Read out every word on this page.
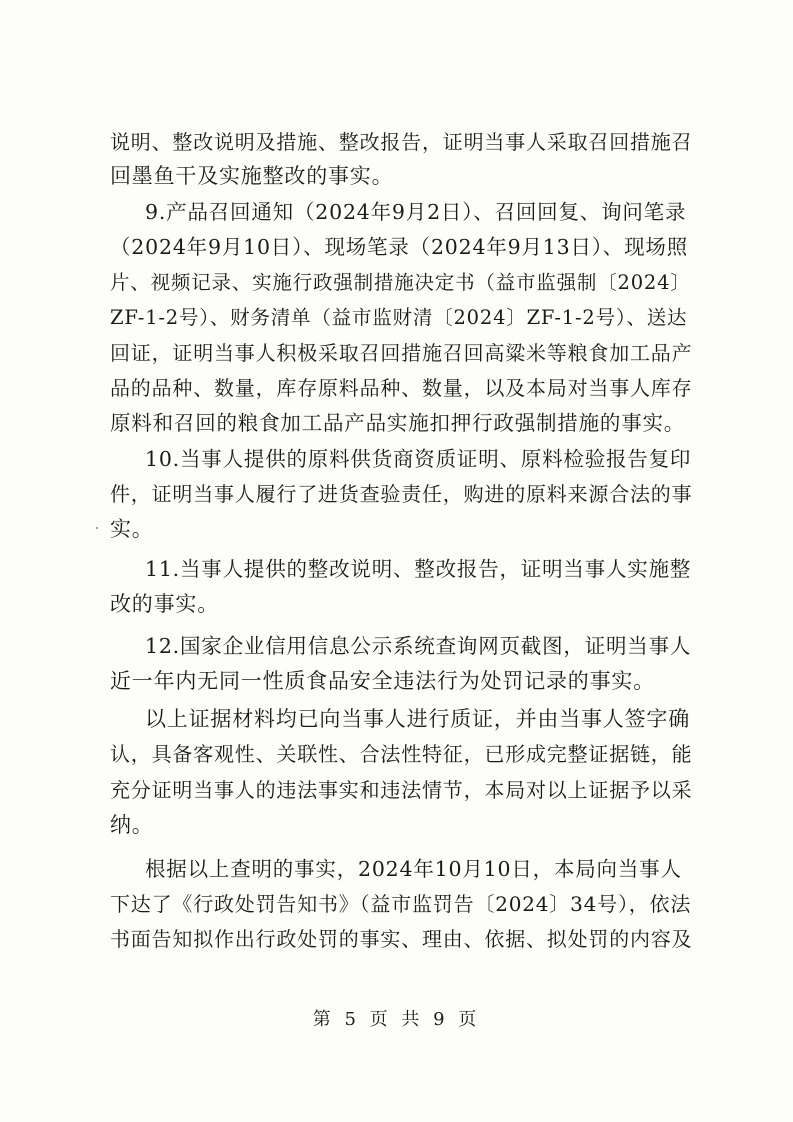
说明、整改说明及措施、整改报告，证明当事人采取召回措施召
回墨鱼干及实施整改的事实。
9.产品召回通知（2024年9月2日）、召回回复、询问笔录
（2024年9月10日）、现场笔录（2024年9月13日）、现场照
片、视频记录、实施行政强制措施决定书（益市监强制〔2024〕
ZF-1-2号）、财务清单（益市监财清〔2024〕ZF-1-2号）、送达
回证，证明当事人积极采取召回措施召回高粱米等粮食加工品产
品的品种、数量，库存原料品种、数量，以及本局对当事人库存
原料和召回的粮食加工品产品实施扣押行政强制措施的事实。
10.当事人提供的原料供货商资质证明、原料检验报告复印
件，证明当事人履行了进货查验责任，购进的原料来源合法的事
实。
11.当事人提供的整改说明、整改报告，证明当事人实施整
改的事实。
12.国家企业信用信息公示系统查询网页截图，证明当事人
近一年内无同一性质食品安全违法行为处罚记录的事实。
以上证据材料均已向当事人进行质证，并由当事人签字确
认，具备客观性、关联性、合法性特征，已形成完整证据链，能
充分证明当事人的违法事实和违法情节，本局对以上证据予以采
纳。
根据以上查明的事实，2024年10月10日，本局向当事人
下达了《行政处罚告知书》（益市监罚告〔2024〕34号），依法
书面告知拟作出行政处罚的事实、理由、依据、拟处罚的内容及
第 5 页 共 9 页
